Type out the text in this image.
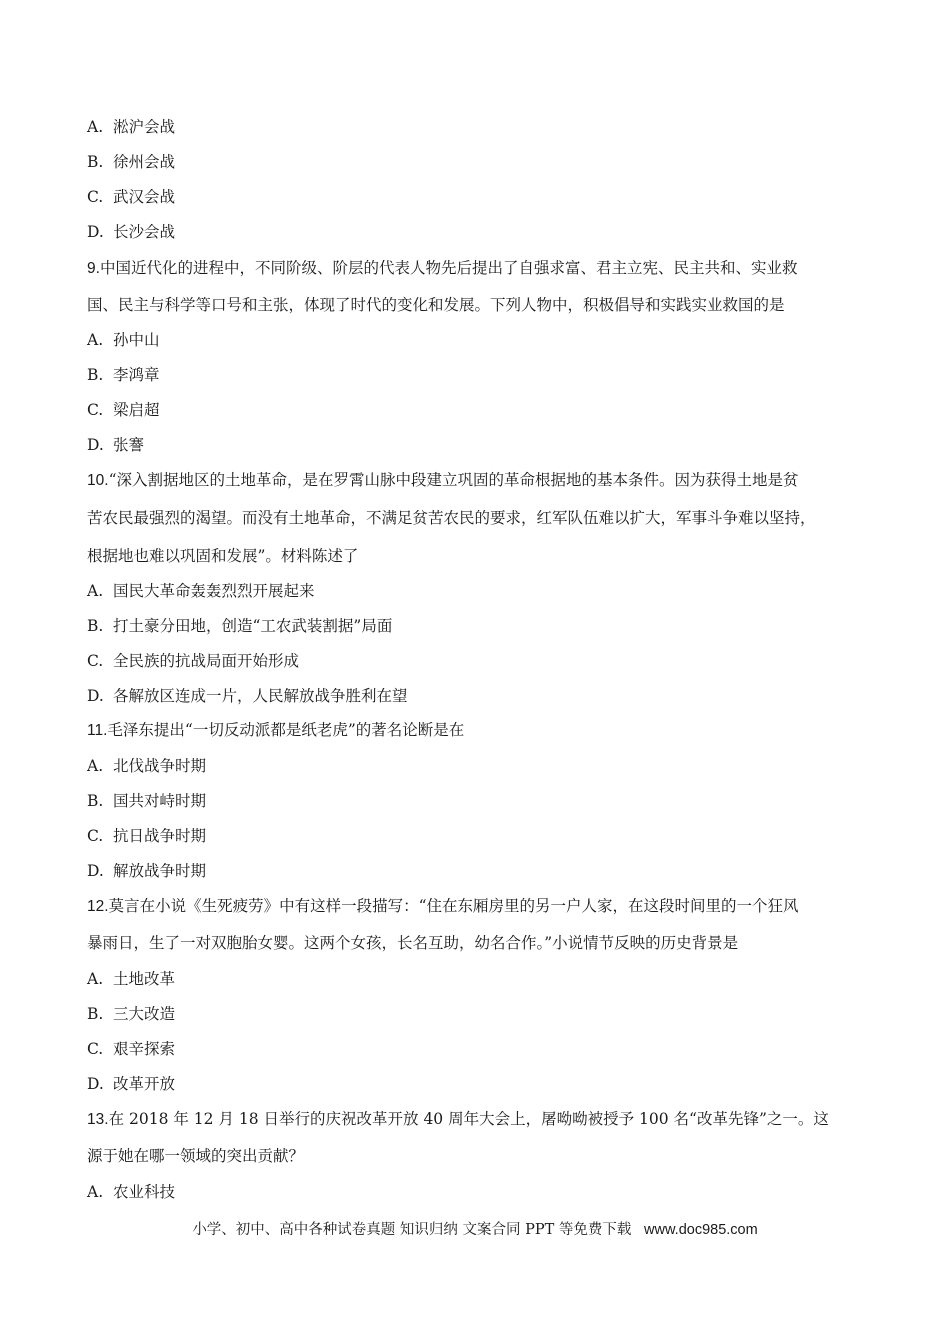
A. 淞沪会战
B. 徐州会战
C. 武汉会战
D. 长沙会战
9.中国近代化的进程中，不同阶级、阶层的代表人物先后提出了自强求富、君主立宪、民主共和、实业救
国、民主与科学等口号和主张，体现了时代的变化和发展。下列人物中，积极倡导和实践实业救国的是
A. 孙中山
B. 李鸿章
C. 梁启超
D. 张謇
10.“深入割据地区的土地革命，是在罗霄山脉中段建立巩固的革命根据地的基本条件。因为获得土地是贫
苦农民最强烈的渴望。而没有土地革命，不满足贫苦农民的要求，红军队伍难以扩大，军事斗争难以坚持，
根据地也难以巩固和发展”。材料陈述了
A. 国民大革命轰轰烈烈开展起来
B. 打土豪分田地，创造“工农武装割据”局面
C. 全民族的抗战局面开始形成
D. 各解放区连成一片，人民解放战争胜利在望
11.毛泽东提出“一切反动派都是纸老虎”的著名论断是在
A. 北伐战争时期
B. 国共对峙时期
C. 抗日战争时期
D. 解放战争时期
12.莫言在小说《生死疲劳》中有这样一段描写：“住在东厢房里的另一户人家，在这段时间里的一个狂风
暴雨日，生了一对双胞胎女婴。这两个女孩，长名互助，幼名合作。”小说情节反映的历史背景是
A. 土地改革
B. 三大改造
C. 艰辛探索
D. 改革开放
13.在 2018 年 12 月 18 日举行的庆祝改革开放 40 周年大会上，屠呦呦被授予 100 名“改革先锋”之一。这
源于她在哪一领域的突出贡献？
A. 农业科技
小学、初中、高中各种试卷真题 知识归纳 文案合同 PPT 等免费下载 www.doc985.com
